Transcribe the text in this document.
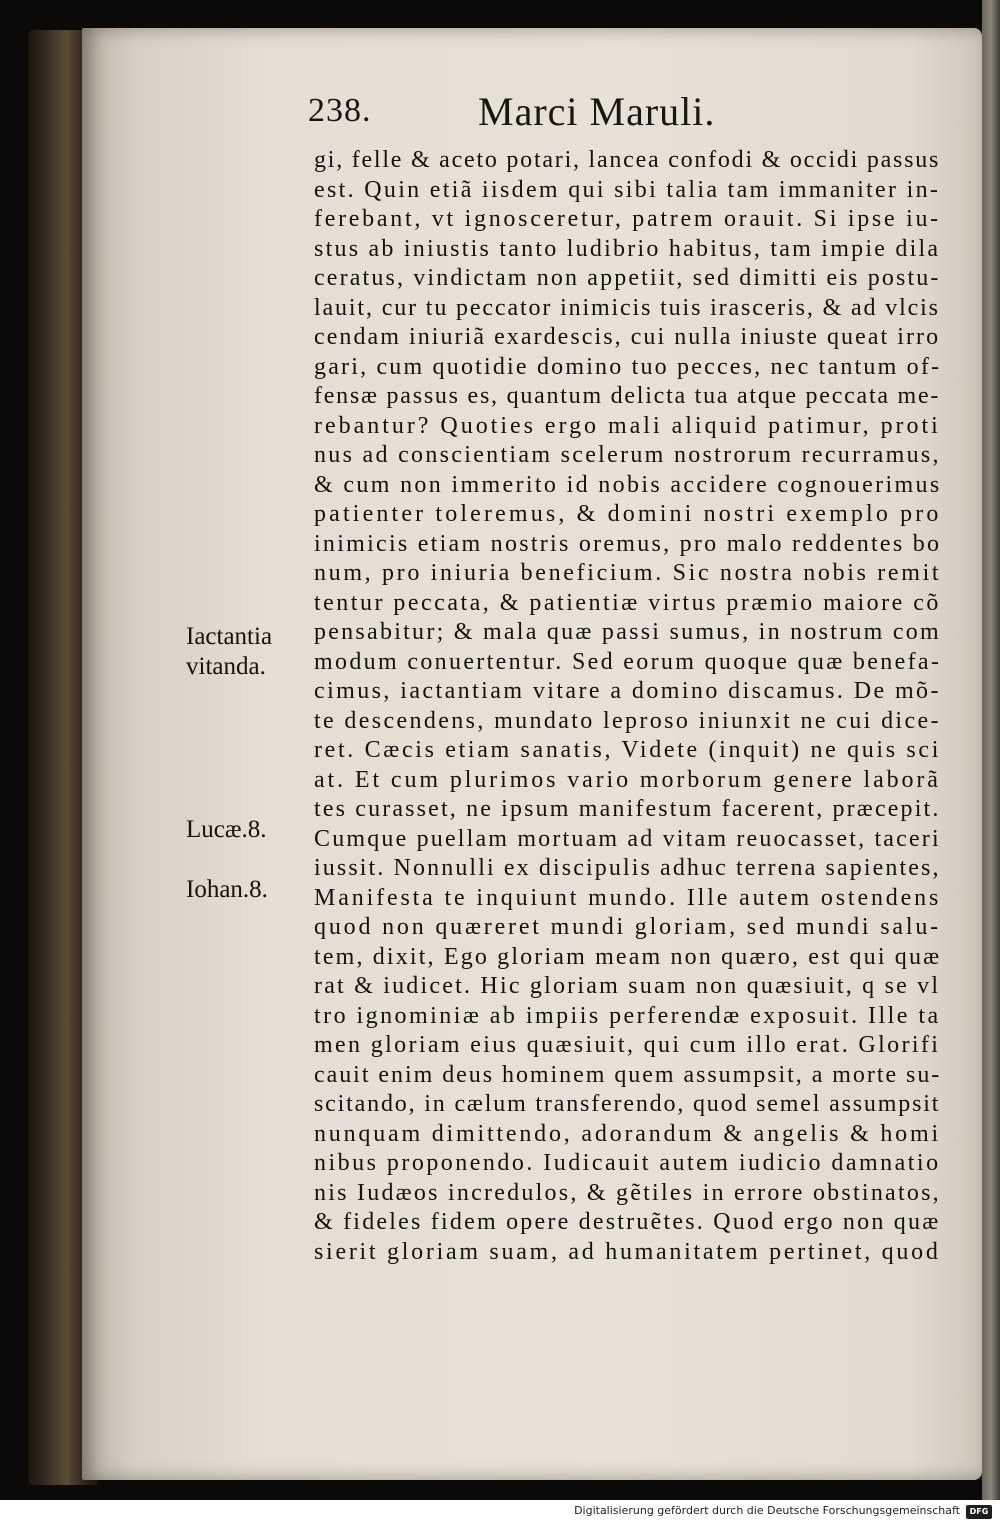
238.	Marci Maruli.
Iactantia
vitanda.
Lucæ.8.
Iohan.8.
gi, felle & aceto potari, lancea confodi & occidi passus
est. Quin etiã iisdem qui sibi talia tam immaniter in-
ferebant, vt ignosceretur, patrem orauit. Si ipse iu-
stus ab iniustis tanto ludibrio habitus, tam impie dila
ceratus, vindictam non appetiit, sed dimitti eis postu-
lauit, cur tu peccator inimicis tuis irasceris, & ad vlcis
cendam iniuriã exardescis, cui nulla iniuste queat irro
gari, cum quotidie domino tuo pecces, nec tantum of-
fensæ passus es, quantum delicta tua atque peccata me-
rebantur? Quoties ergo mali aliquid patimur, proti
nus ad conscientiam scelerum nostrorum recurramus,
& cum non immerito id nobis accidere cognouerimus
patienter toleremus, & domini nostri exemplo pro
inimicis etiam nostris oremus, pro malo reddentes bo
num, pro iniuria beneficium. Sic nostra nobis remit
tentur peccata, & patientiæ virtus præmio maiore cõ
pensabitur; & mala quæ passi sumus, in nostrum com
modum conuertentur. Sed eorum quoque quæ benefa-
cimus, iactantiam vitare a domino discamus. De mõ-
te descendens, mundato leproso iniunxit ne cui dice-
ret. Cæcis etiam sanatis, Videte (inquit) ne quis sci
at. Et cum plurimos vario morborum genere laborã
tes curasset, ne ipsum manifestum facerent, præcepit.
Cumque puellam mortuam ad vitam reuocasset, taceri
iussit. Nonnulli ex discipulis adhuc terrena sapientes,
Manifesta te inquiunt mundo. Ille autem ostendens
quod non quæreret mundi gloriam, sed mundi salu-
tem, dixit, Ego gloriam meam non quæro, est qui quæ
rat & iudicet. Hic gloriam suam non quæsiuit, q se vl
tro ignominiæ ab impiis perferendæ exposuit. Ille ta
men gloriam eius quæsiuit, qui cum illo erat. Glorifi
cauit enim deus hominem quem assumpsit, a morte su-
scitando, in cælum transferendo, quod semel assumpsit
nunquam dimittendo, adorandum & angelis & homi
nibus proponendo. Iudicauit autem iudicio damnatio
nis Iudæos incredulos, & gẽtiles in errore obstinatos,
& fideles fidem opere destruẽtes. Quod ergo non quæ
sierit gloriam suam, ad humanitatem pertinet, quod
Digitalisierung gefördert durch die Deutsche Forschungsgemeinschaft	DFG
